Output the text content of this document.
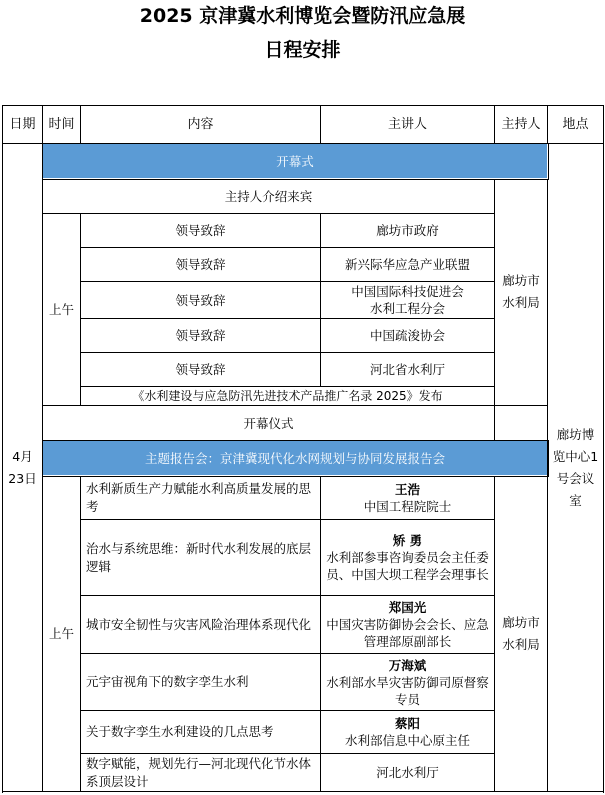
2025 京津冀水利博览会暨防汛应急展
日程安排
日期	时间	内容	主讲人	主持人	地点
4月23日	开幕式				廊坊博览中心1号会议室
	主持人介绍来宾			廊坊市水利局	
	上午	领导致辞	廊坊市政府		
		领导致辞	新兴际华应急产业联盟		
		领导致辞	中国国际科技促进会
水利工程分会		
		领导致辞	中国疏浚协会		
		领导致辞	河北省水利厅		
		《水利建设与应急防汛先进技术产品推广名录 2025》发布			
	开幕仪式				
	主题报告会：京津冀现代化水网规划与协同发展报告会				
	上午	水利新质生产力赋能水利高质量发展的思考	王浩
中国工程院院士	廊坊市水利局	
		治水与系统思维：新时代水利发展的底层逻辑	矫 勇
水利部参事咨询委员会主任委员、中国大坝工程学会理事长		

		城市安全韧性与灾害风险治理体系现代化	郑国光
中国灾害防御协会会长、应急管理部原副部长		

		元宇宙视角下的数字孪生水利	万海斌
水利部水旱灾害防御司原督察专员		

		关于数字孪生水利建设的几点思考	蔡阳
水利部信息中心原主任		

		数字赋能，规划先行—河北现代化节水体系顶层设计	河北水利厅		
